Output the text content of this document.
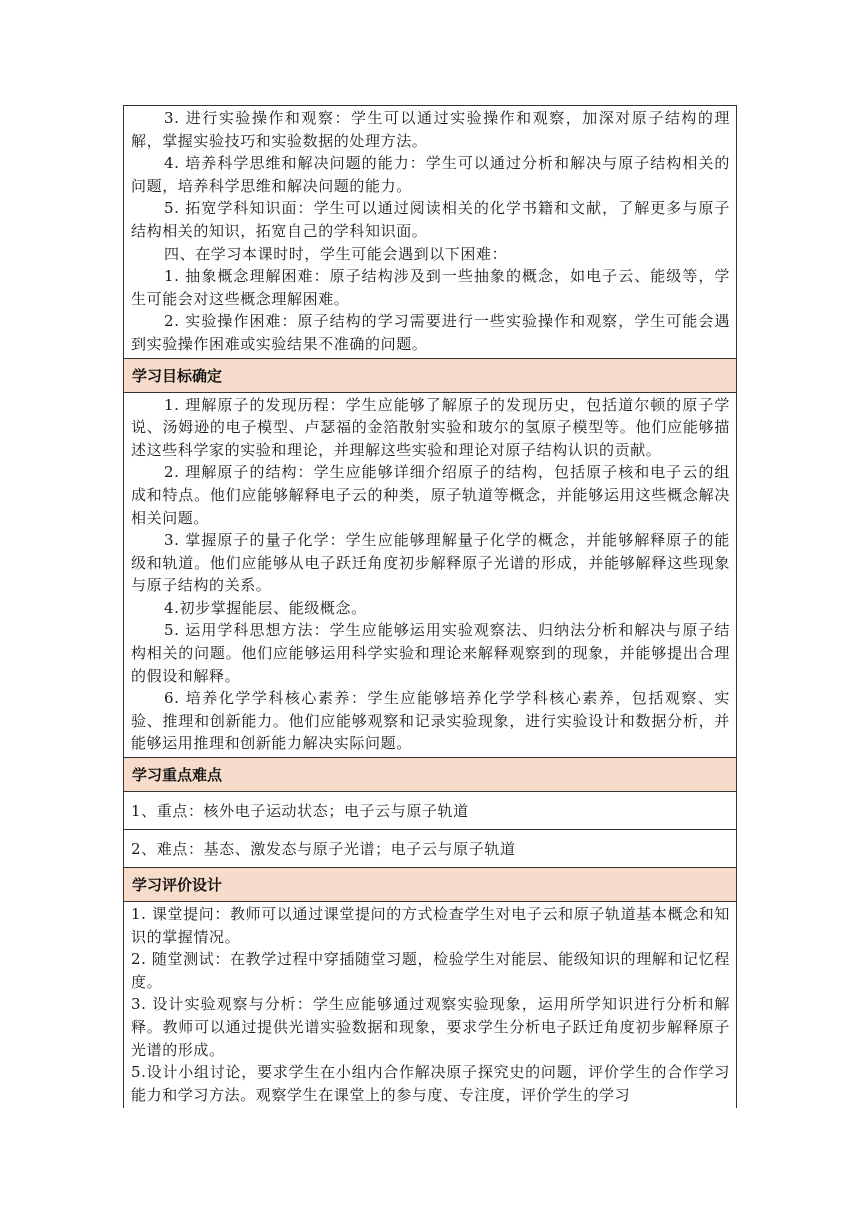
3. 进行实验操作和观察：学生可以通过实验操作和观察，加深对原子结构的理解，掌握实验技巧和实验数据的处理方法。

4. 培养科学思维和解决问题的能力：学生可以通过分析和解决与原子结构相关的问题，培养科学思维和解决问题的能力。

5. 拓宽学科知识面：学生可以通过阅读相关的化学书籍和文献，了解更多与原子结构相关的知识，拓宽自己的学科知识面。

四、在学习本课时时，学生可能会遇到以下困难：

1. 抽象概念理解困难：原子结构涉及到一些抽象的概念，如电子云、能级等，学生可能会对这些概念理解困难。

2. 实验操作困难：原子结构的学习需要进行一些实验操作和观察，学生可能会遇到实验操作困难或实验结果不准确的问题。

学习目标确定

1. 理解原子的发现历程：学生应能够了解原子的发现历史，包括道尔顿的原子学说、汤姆逊的电子模型、卢瑟福的金箔散射实验和玻尔的氢原子模型等。他们应能够描述这些科学家的实验和理论，并理解这些实验和理论对原子结构认识的贡献。

2. 理解原子的结构：学生应能够详细介绍原子的结构，包括原子核和电子云的组成和特点。他们应能够解释电子云的种类，原子轨道等概念，并能够运用这些概念解决相关问题。

3. 掌握原子的量子化学：学生应能够理解量子化学的概念，并能够解释原子的能级和轨道。他们应能够从电子跃迁角度初步解释原子光谱的形成，并能够解释这些现象与原子结构的关系。

4.初步掌握能层、能级概念。

5. 运用学科思想方法：学生应能够运用实验观察法、归纳法分析和解决与原子结构相关的问题。他们应能够运用科学实验和理论来解释观察到的现象，并能够提出合理的假设和解释。

6. 培养化学学科核心素养：学生应能够培养化学学科核心素养，包括观察、实验、推理和创新能力。他们应能够观察和记录实验现象，进行实验设计和数据分析，并能够运用推理和创新能力解决实际问题。

学习重点难点
1、重点：核外电子运动状态；电子云与原子轨道
2、难点：基态、激发态与原子光谱；电子云与原子轨道
学习评价设计

1. 课堂提问：教师可以通过课堂提问的方式检查学生对电子云和原子轨道基本概念和知识的掌握情况。

2. 随堂测试：在教学过程中穿插随堂习题，检验学生对能层、能级知识的理解和记忆程度。

3. 设计实验观察与分析：学生应能够通过观察实验现象，运用所学知识进行分析和解释。教师可以通过提供光谱实验数据和现象，要求学生分析电子跃迁角度初步解释原子光谱的形成。

5.设计小组讨论，要求学生在小组内合作解决原子探究史的问题，评价学生的合作学习能力和学习方法。观察学生在课堂上的参与度、专注度，评价学生的学习
